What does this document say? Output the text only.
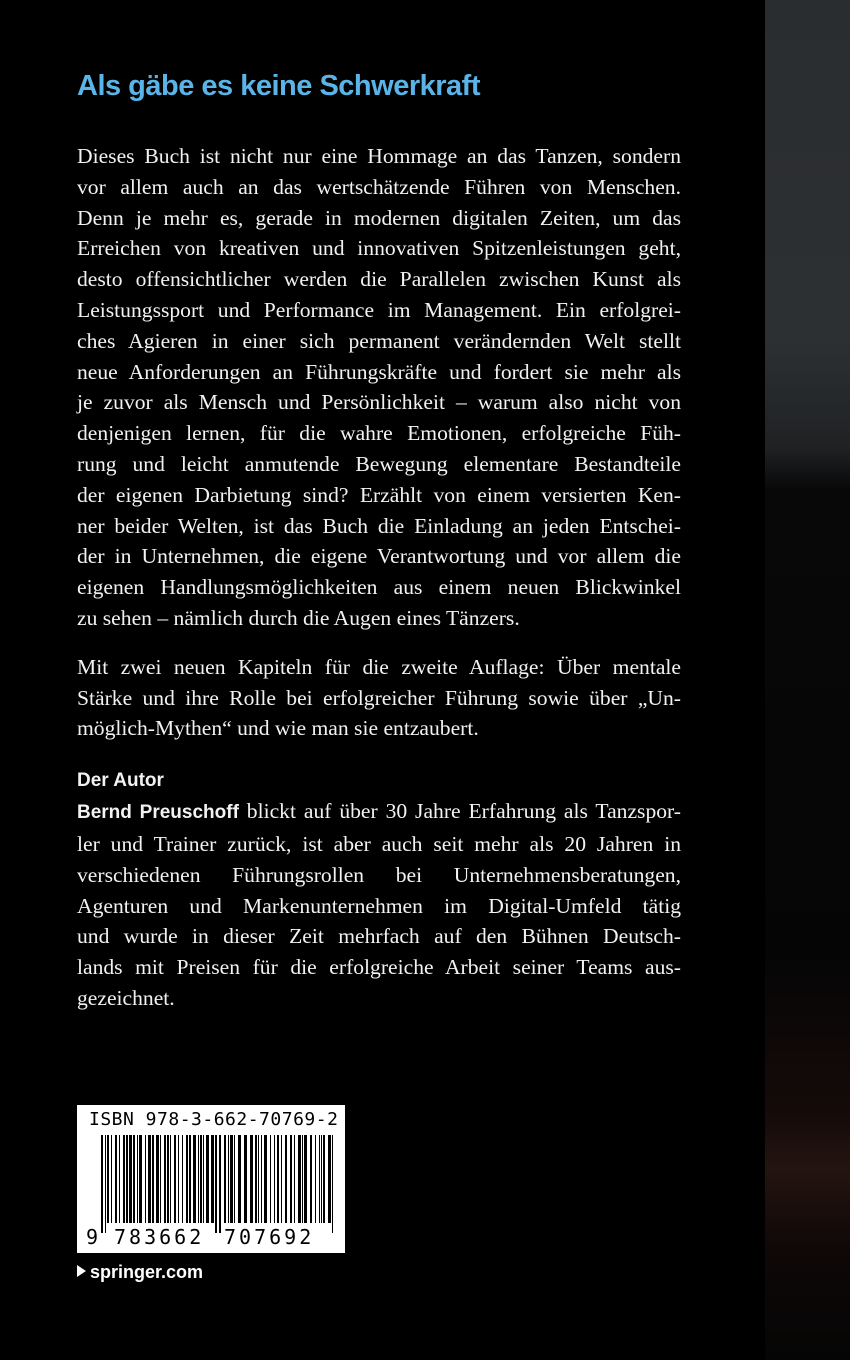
Als gäbe es keine Schwerkraft
Dieses Buch ist nicht nur eine Hommage an das Tanzen, sondern
vor allem auch an das wertschätzende Führen von Menschen.
Denn je mehr es, gerade in modernen digitalen Zeiten, um das
Erreichen von kreativen und innovativen Spitzenleistungen geht,
desto offensichtlicher werden die Parallelen zwischen Kunst als
Leistungssport und Performance im Management. Ein erfolgrei-
ches Agieren in einer sich permanent verändernden Welt stellt
neue Anforderungen an Führungskräfte und fordert sie mehr als
je zuvor als Mensch und Persönlichkeit – warum also nicht von
denjenigen lernen, für die wahre Emotionen, erfolgreiche Füh-
rung und leicht anmutende Bewegung elementare Bestandteile
der eigenen Darbietung sind? Erzählt von einem versierten Ken-
ner beider Welten, ist das Buch die Einladung an jeden Entschei-
der in Unternehmen, die eigene Verantwortung und vor allem die
eigenen Handlungsmöglichkeiten aus einem neuen Blickwinkel
zu sehen – nämlich durch die Augen eines Tänzers.
Mit zwei neuen Kapiteln für die zweite Auflage: Über mentale
Stärke und ihre Rolle bei erfolgreicher Führung sowie über „Un-
möglich-Mythen“ und wie man sie entzaubert.
Der Autor
Bernd Preuschoff blickt auf über 30 Jahre Erfahrung als Tanzspor-
ler und Trainer zurück, ist aber auch seit mehr als 20 Jahren in
verschiedenen Führungsrollen bei Unternehmensberatungen,
Agenturen und Markenunternehmen im Digital-Umfeld tätig
und wurde in dieser Zeit mehrfach auf den Bühnen Deutsch-
lands mit Preisen für die erfolgreiche Arbeit seiner Teams aus-
gezeichnet.
ISBN 978-3-662-70769-2
9 783662 707692
springer.com
